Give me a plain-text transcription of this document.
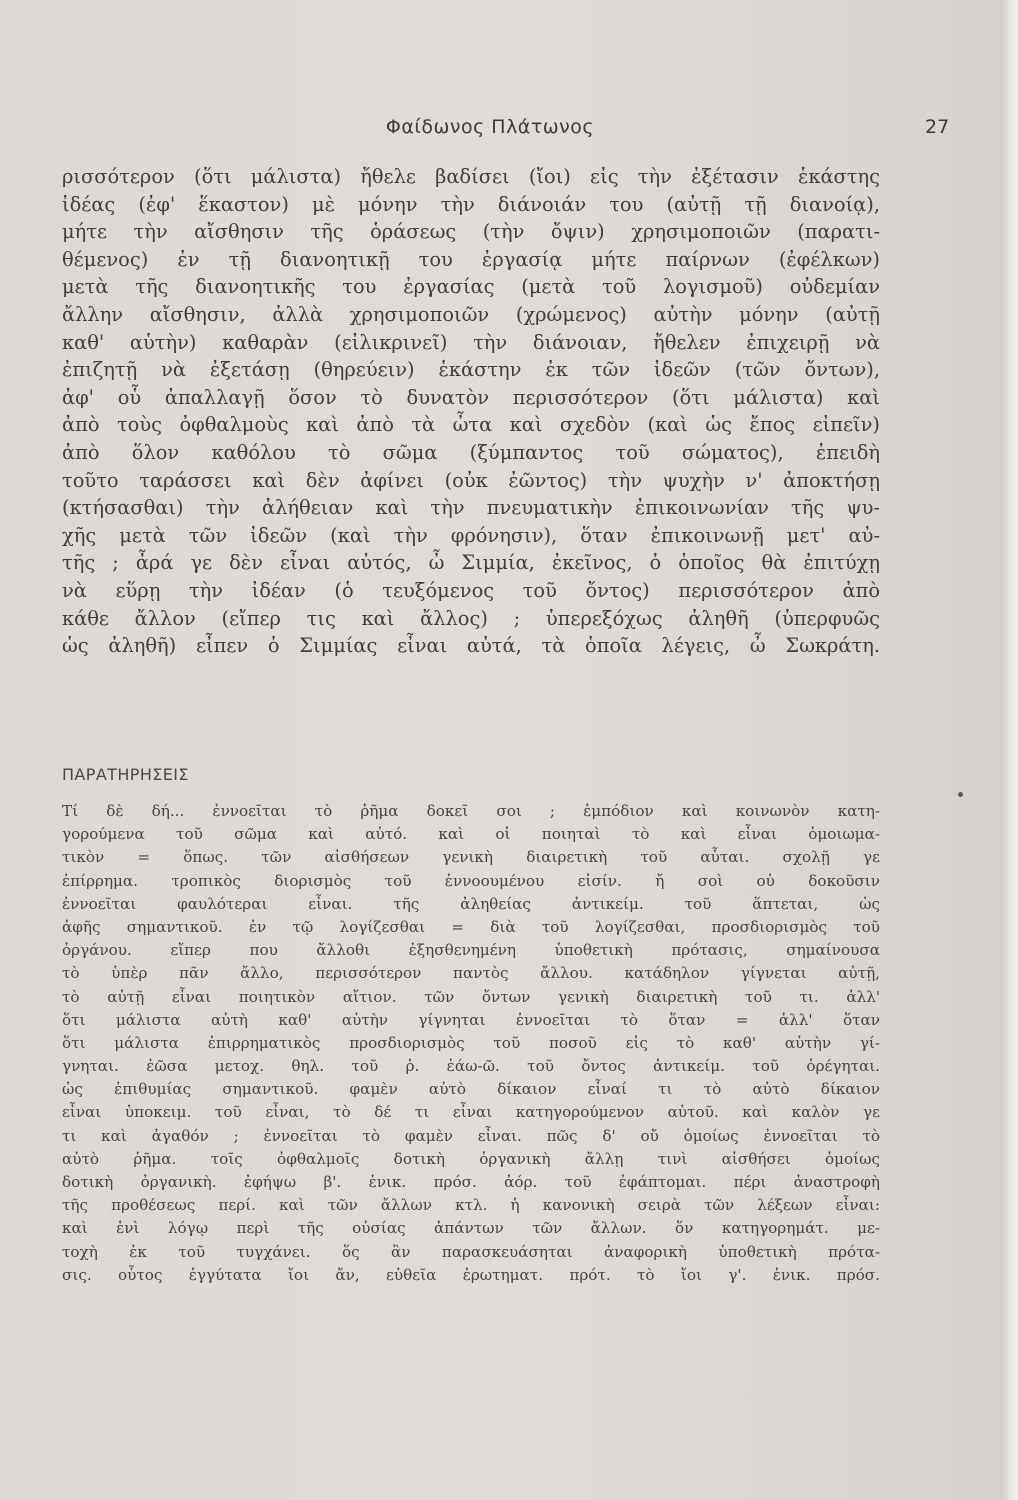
Φαίδωνος Πλάτωνος	27
ρισσότερον (ὅτι μάλιστα) ἤθελε βαδίσει (ἴοι) εἰς τὴν ἐξέτασιν ἑκάστης
ἰδέας (ἐφ' ἕκαστον) μὲ μόνην τὴν διάνοιάν του (αὐτῇ τῇ διανοίᾳ),
μήτε τὴν αἴσθησιν τῆς ὁράσεως (τὴν ὄψιν) χρησιμοποιῶν (παρατι-
θέμενος) ἐν τῇ διανοητικῇ του ἐργασίᾳ μήτε παίρνων (ἐφέλκων)
μετὰ τῆς διανοητικῆς του ἐργασίας (μετὰ τοῦ λογισμοῦ) οὐδεμίαν
ἄλλην αἴσθησιν, ἀλλὰ χρησιμοποιῶν (χρώμενος) αὐτὴν μόνην (αὐτῇ
καθ' αὑτὴν) καθαρὰν (εἰλικρινεῖ) τὴν διάνοιαν, ἤθελεν ἐπιχειρῇ νὰ
ἐπιζητῇ νὰ ἐξετάσῃ (θηρεύειν) ἑκάστην ἐκ τῶν ἰδεῶν (τῶν ὄντων),
ἀφ' οὗ ἀπαλλαγῇ ὅσον τὸ δυνατὸν περισσότερον (ὅτι μάλιστα) καὶ
ἀπὸ τοὺς ὀφθαλμοὺς καὶ ἀπὸ τὰ ὦτα καὶ σχεδὸν (καὶ ὡς ἔπος εἰπεῖν)
ἀπὸ ὅλον καθόλου τὸ σῶμα (ξύμπαντος τοῦ σώματος), ἐπειδὴ
τοῦτο ταράσσει καὶ δὲν ἀφίνει (οὐκ ἐῶντος) τὴν ψυχὴν ν' ἀποκτήσῃ
(κτήσασθαι) τὴν ἀλήθειαν καὶ τὴν πνευματικὴν ἐπικοινωνίαν τῆς ψυ-
χῆς μετὰ τῶν ἰδεῶν (καὶ τὴν φρόνησιν), ὅταν ἐπικοινωνῇ μετ' αὐ-
τῆς ; ἆρά γε δὲν εἶναι αὐτός, ὦ Σιμμία, ἐκεῖνος, ὁ ὁποῖος θὰ ἐπιτύχῃ
νὰ εὕρῃ τὴν ἰδέαν (ὁ τευξόμενος τοῦ ὄντος) περισσότερον ἀπὸ
κάθε ἄλλον (εἴπερ τις καὶ ἄλλος) ; ὑπερεξόχως ἀληθῆ (ὑπερφυῶς
ὡς ἀληθῆ) εἶπεν ὁ Σιμμίας εἶναι αὐτά, τὰ ὁποῖα λέγεις, ὦ Σωκράτη.
ΠΑΡΑΤΗΡΗΣΕΙΣ
Τί δὲ δή... ἐννοεῖται τὸ ῥῆμα δοκεῖ σοι ; ἐμπόδιον καὶ κοινωνὸν κατη-
γορούμενα τοῦ σῶμα καὶ αὐτό. καὶ οἱ ποιηταὶ τὸ καὶ εἶναι ὁμοιωμα-
τικὸν = ὅπως. τῶν αἰσθήσεων γενικὴ διαιρετικὴ τοῦ αὗται. σχολῇ γε
ἐπίρρημα. τροπικὸς διορισμὸς τοῦ ἐννοουμένου εἰσίν. ἤ σοὶ οὐ δοκοῦσιν
ἐννοεῖται φαυλότεραι εἶναι. τῆς ἀληθείας ἀντικείμ. τοῦ ἅπτεται, ὡς
ἀφῆς σημαντικοῦ. ἐν τῷ λογίζεσθαι = διὰ τοῦ λογίζεσθαι, προσδιορισμὸς τοῦ
ὀργάνου. εἴπερ που ἄλλοθι ἐξησθενημένη ὑποθετικὴ πρότασις, σημαίνουσα
τὸ ὑπὲρ πᾶν ἄλλο, περισσότερον παντὸς ἄλλου. κατάδηλον γίγνεται αὐτῇ,
τὸ αὐτῇ εἶναι ποιητικὸν αἴτιον. τῶν ὄντων γενικὴ διαιρετικὴ τοῦ τι. ἀλλ'
ὅτι μάλιστα αὐτὴ καθ' αὑτὴν γίγνηται ἐννοεῖται τὸ ὅταν = ἀλλ' ὅταν
ὅτι μάλιστα ἐπιρρηματικὸς προσδιορισμὸς τοῦ ποσοῦ εἰς τὸ καθ' αὑτὴν γί-
γνηται. ἐῶσα μετοχ. θηλ. τοῦ ῥ. ἐάω-ῶ. τοῦ ὄντος ἀντικείμ. τοῦ ὀρέγηται.
ὡς ἐπιθυμίας σημαντικοῦ. φαμὲν αὐτὸ δίκαιον εἶναί τι τὸ αὐτὸ δίκαιον
εἶναι ὑποκειμ. τοῦ εἶναι, τὸ δέ τι εἶναι κατηγορούμενον αὐτοῦ. καὶ καλὸν γε
τι καὶ ἀγαθόν ; ἐννοεῖται τὸ φαμὲν εἶναι. πῶς δ' οὔ ὁμοίως ἐννοεῖται τὸ
αὐτὸ ῥῆμα. τοῖς ὀφθαλμοῖς δοτικὴ ὀργανικὴ ἄλλῃ τινὶ αἰσθήσει ὁμοίως
δοτικὴ ὀργανικὴ. ἐφήψω β'. ἑνικ. πρόσ. ἀόρ. τοῦ ἐφάπτομαι. πέρι ἀναστροφὴ
τῆς προθέσεως περί. καὶ τῶν ἄλλων κτλ. ἡ κανονικὴ σειρὰ τῶν λέξεων εἶναι:
καὶ ἑνὶ λόγῳ περὶ τῆς οὐσίας ἁπάντων τῶν ἄλλων. ὅν κατηγορημάτ. με-
τοχὴ ἐκ τοῦ τυγχάνει. ὅς ἂν παρασκευάσηται ἀναφορικὴ ὑποθετικὴ πρότα-
σις. οὗτος ἐγγύτατα ἴοι ἄν, εὐθεῖα ἐρωτηματ. πρότ. τὸ ἴοι γ'. ἑνικ. πρόσ.
